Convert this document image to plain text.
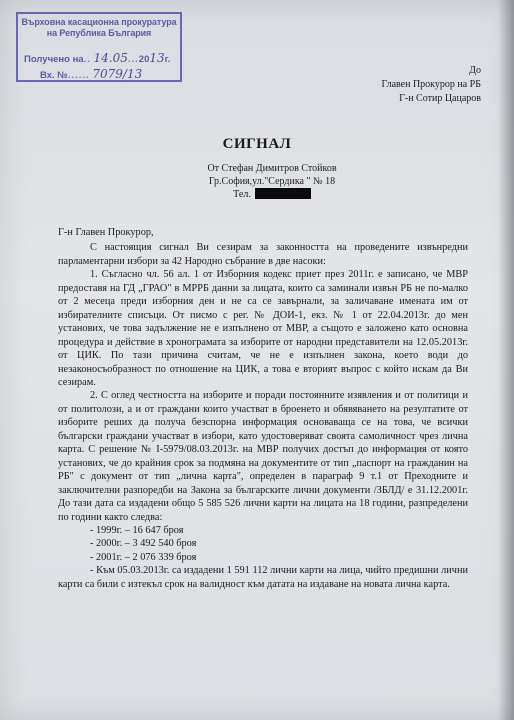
Върховна касационна прокуратура
на Република България
Получено на.. 14.05...2013г.
Вх. №...... 7079/13	До
Главен Прокурор на РБ
Г-н Сотир Цацаров
СИГНАЛ
От Стефан Димитров Стойков
Гр.София,ул."Сердика " № 18
Тел.

Г-н Главен Прокурор,

С настоящия сигнал Ви сезирам за законността на проведените извънредни парламентарни избори за 42 Народно събрание в две насоки:

1. Съгласно чл. 56 ал. 1 от Изборния кодекс приет през 2011г. е записано, че МВР предоставя на ГД „ГРАО" в МРРБ данни за лицата, които са заминали извън РБ не по-малко от 2 месеца преди изборния ден и не са се завърнали, за заличаване имената им от избирателните списъци. От писмо с рег. № ДОИ-1, екз. № 1 от 22.04.2013г. до мен установих, че това задължение не е изпълнено от МВР, а същото е заложено като основна процедура и действие в хронограмата за изборите от народни представители на 12.05.2013г. от ЦИК. По тази причина считам, че не е изпълнен закона, което води до незаконосъобразност по отношение на ЦИК, а това е вторият въпрос с който искам да Ви сезирам.

2. С оглед честността на изборите и поради постоянните изявления и от политици и от политолози, а и от граждани които участват в броенето и обявяването на резултатите от изборите реших да получа безспорна информация основаваща се на това, че всички български граждани участват в избори, като удостоверяват своята самоличност чрез лична карта. С решение № I-5979/08.03.2013г. на МВР получих достъп до информация от която установих, че до крайния срок за подмяна на документите от тип „паспорт на гражданин на РБ" с документ от тип „лична карта", определен в параграф 9 т.1 от Преходните и заключителни разпоредби на Закона за българските лични документи /ЗБЛД/ е 31.12.2001г. До тази дата са издадени общо 5 585 526 лични карти на лицата на 18 години, разпределени по години както следва:

- 1999г. – 16 647 броя

- 2000г. – 3 492 540 броя

- 2001г. – 2 076 339 броя

- Към 05.03.2013г. са издадени 1 591 112 лични карти на лица, чийто предишни лични карти са били с изтекъл срок на валидност към датата на издаване на новата лична карта.
